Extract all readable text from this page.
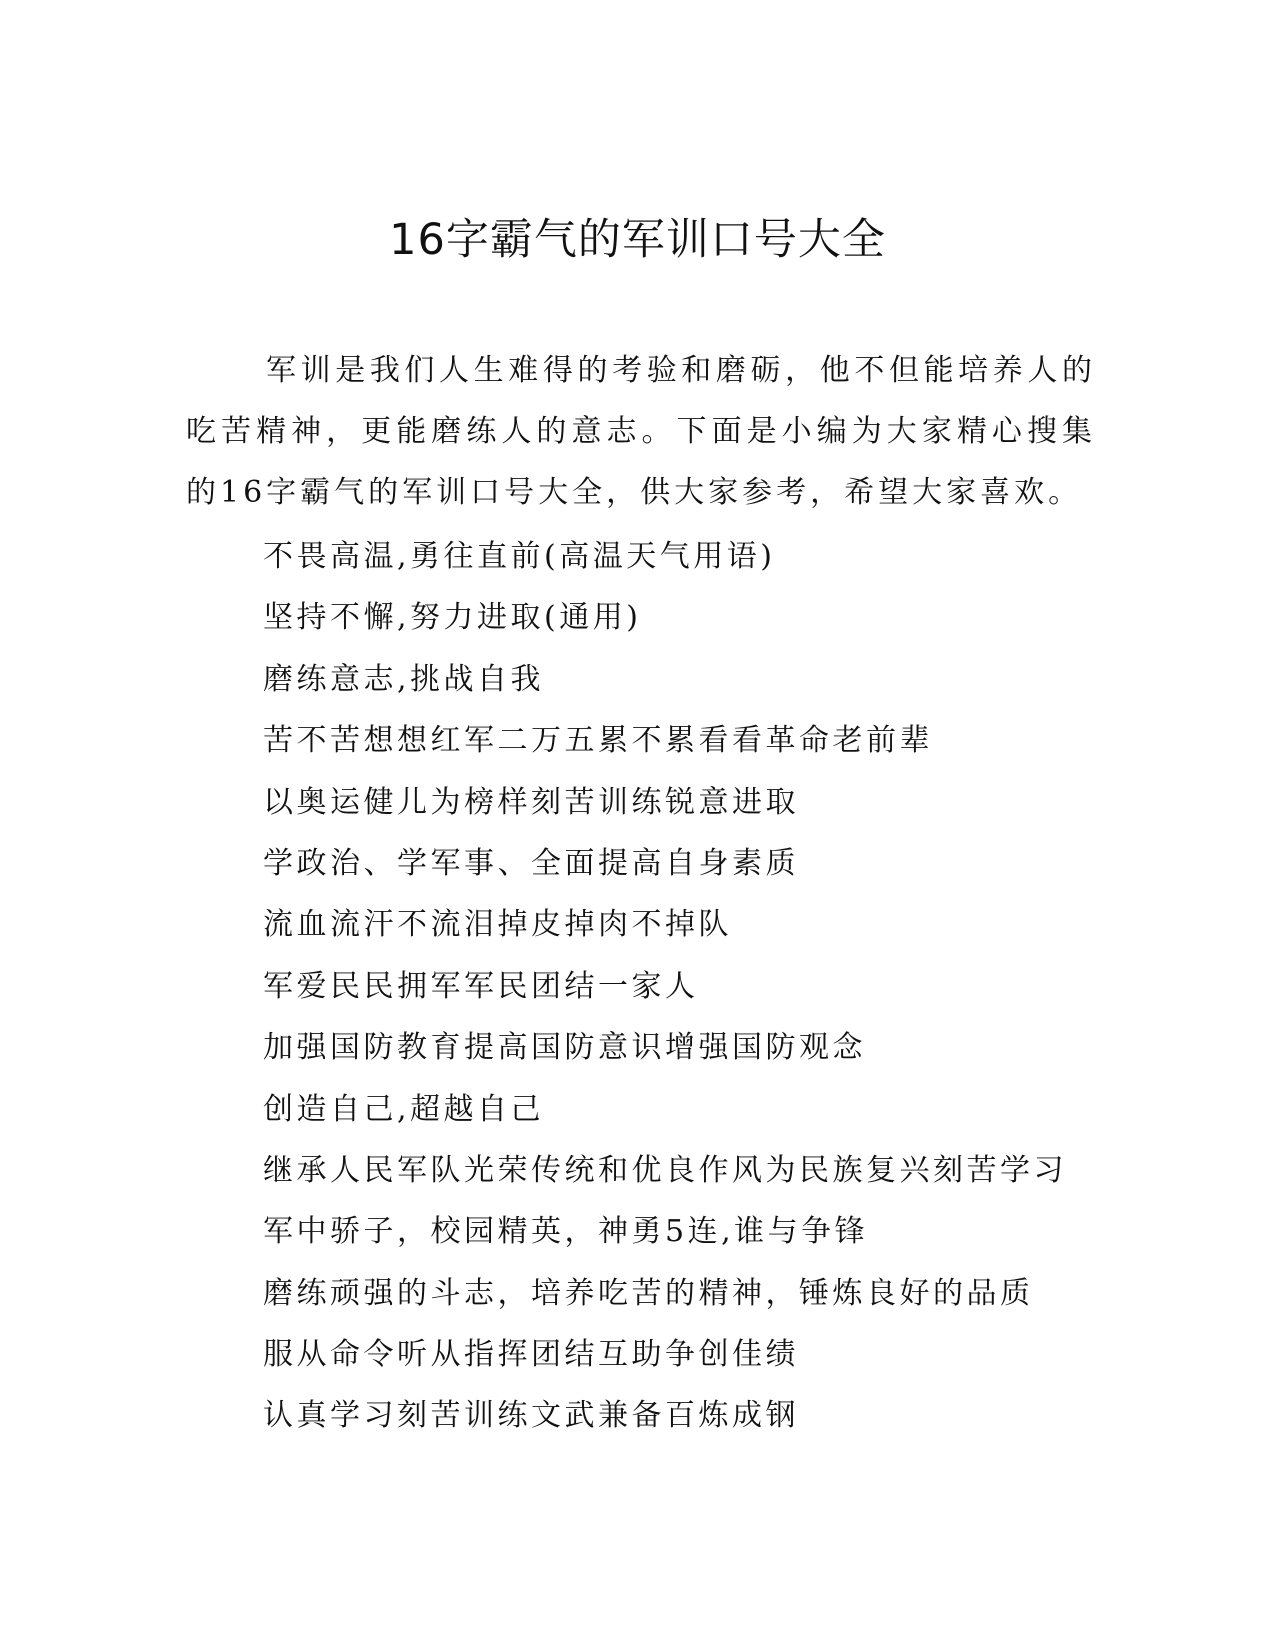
16字霸气的军训口号大全

军训是我们人生难得的考验和磨砺，他不但能培养人的吃苦精神，更能磨练人的意志。下面是小编为大家精心搜集的16字霸气的军训口号大全，供大家参考，希望大家喜欢。

不畏高温,勇往直前(高温天气用语)
坚持不懈,努力进取(通用)
磨练意志,挑战自我
苦不苦想想红军二万五累不累看看革命老前辈
以奥运健儿为榜样刻苦训练锐意进取
学政治、学军事、全面提高自身素质
流血流汗不流泪掉皮掉肉不掉队
军爱民民拥军军民团结一家人
加强国防教育提高国防意识增强国防观念
创造自己,超越自己
继承人民军队光荣传统和优良作风为民族复兴刻苦学习
军中骄子，校园精英，神勇5连,谁与争锋
磨练顽强的斗志，培养吃苦的精神，锤炼良好的品质
服从命令听从指挥团结互助争创佳绩
认真学习刻苦训练文武兼备百炼成钢
